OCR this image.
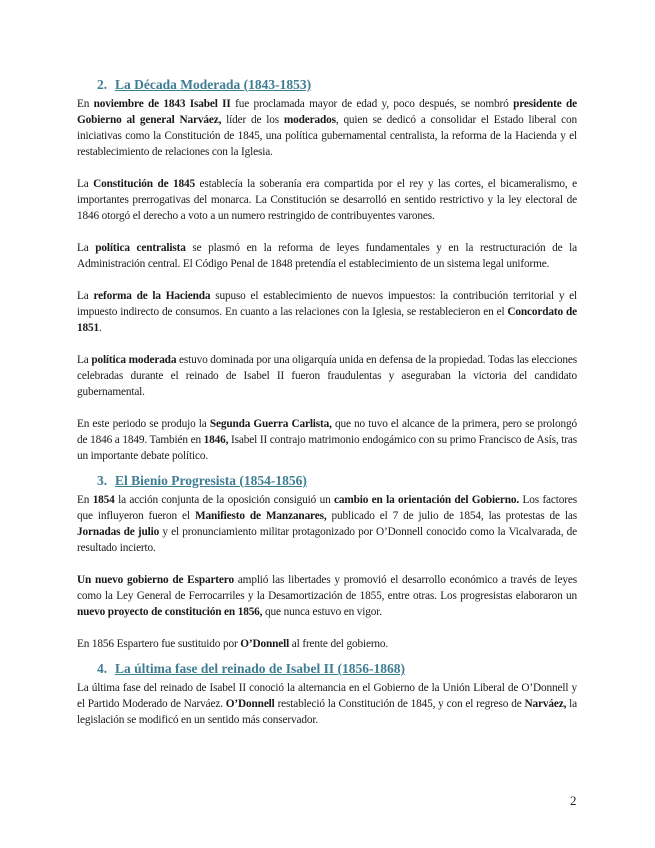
2. La Década Moderada (1843-1853)

En noviembre de 1843 Isabel II fue proclamada mayor de edad y, poco después, se nombró presidente de Gobierno al general Narváez, líder de los moderados, quien se dedicó a consolidar el Estado liberal con iniciativas como la Constitución de 1845, una política gubernamental centralista, la reforma de la Hacienda y el restablecimiento de relaciones con la Iglesia.

La Constitución de 1845 establecía la soberanía era compartida por el rey y las cortes, el bicameralismo, e importantes prerrogativas del monarca. La Constitución se desarrolló en sentido restrictivo y la ley electoral de 1846 otorgó el derecho a voto a un numero restringido de contribuyentes varones.

La política centralista se plasmó en la reforma de leyes fundamentales y en la restructuración de la Administración central. El Código Penal de 1848 pretendía el establecimiento de un sistema legal uniforme.

La reforma de la Hacienda supuso el establecimiento de nuevos impuestos: la contribución territorial y el impuesto indirecto de consumos. En cuanto a las relaciones con la Iglesia, se restablecieron en el Concordato de 1851.

La política moderada estuvo dominada por una oligarquía unida en defensa de la propiedad. Todas las elecciones celebradas durante el reinado de Isabel II fueron fraudulentas y aseguraban la victoria del candidato gubernamental.

En este periodo se produjo la Segunda Guerra Carlista, que no tuvo el alcance de la primera, pero se prolongó de 1846 a 1849. También en 1846, Isabel II contrajo matrimonio endogámico con su primo Francisco de Asís, tras un importante debate político.

3. El Bienio Progresista (1854-1856)

En 1854 la acción conjunta de la oposición consiguió un cambio en la orientación del Gobierno. Los factores que influyeron fueron el Manifiesto de Manzanares, publicado el 7 de julio de 1854, las protestas de las Jornadas de julio y el pronunciamiento militar protagonizado por O’Donnell conocido como la Vicalvarada, de resultado incierto.

Un nuevo gobierno de Espartero amplió las libertades y promovió el desarrollo económico a través de leyes como la Ley General de Ferrocarriles y la Desamortización de 1855, entre otras. Los progresistas elaboraron un nuevo proyecto de constitución en 1856, que nunca estuvo en vigor.

En 1856 Espartero fue sustituido por O’Donnell al frente del gobierno.

4. La última fase del reinado de Isabel II (1856-1868)

La última fase del reinado de Isabel II conoció la alternancia en el Gobierno de la Unión Liberal de O’Donnell y el Partido Moderado de Narváez. O’Donnell restableció la Constitución de 1845, y con el regreso de Narváez, la legislación se modificó en un sentido más conservador.

2
